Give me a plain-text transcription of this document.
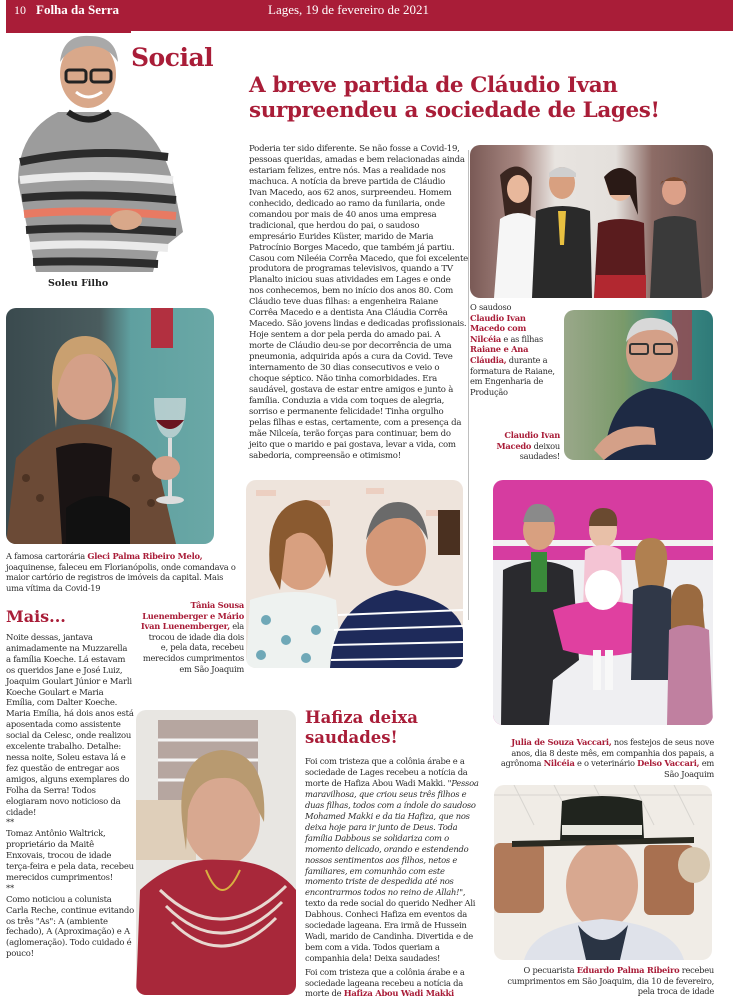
10 Folha da Serra	Lages, 19 de fevereiro de 2021
Soleu Filho
Social
A breve partida de Cláudio Ivan
surpreendeu a sociedade de Lages!
Poderia ter sido diferente. Se não fosse a Covid-19,
pessoas queridas, amadas e bem relacionadas ainda
estariam felizes, entre nós. Mas a realidade nos
machuca. A notícia da breve partida de Cláudio
Ivan Macedo, aos 62 anos, surpreendeu. Homem
conhecido, dedicado ao ramo da funilaria, onde
comandou por mais de 40 anos uma empresa
tradicional, que herdou do pai, o saudoso
empresário Eurides Küster, marido de Maria
Patrocínio Borges Macedo, que também já partiu.
Casou com Nileéia Corrêa Macedo, que foi excelente
produtora de programas televisivos, quando a TV
Planalto iniciou suas atividades em Lages e onde
nos conhecemos, bem no início dos anos 80. Com
Cláudio teve duas filhas: a engenheira Raiane
Corrêa Macedo e a dentista Ana Cláudia Corrêa
Macedo. São jovens lindas e dedicadas profissionais.
Hoje sentem a dor pela perda do amado pai. A
morte de Cláudio deu-se por decorrência de uma
pneumonia, adquirida após a cura da Covid. Teve
internamento de 30 dias consecutivos e veio o
choque séptico. Não tinha comorbidades. Era
saudável, gostava de estar entre amigos e junto à
família. Conduzia a vida com toques de alegria,
sorriso e permanente felicidade! Tinha orgulho
pelas filhas e estas, certamente, com a presença da
mãe Nilceía, terão forças para continuar, bem do
jeito que o marido e pai gostava, levar a vida, com
sabedoria, compreensão e otimismo!
O saudoso
Claudio Ivan Macedo com Nilcéia e as filhas Raiane e Ana Cláudia, durante a formatura de Raiane, em Engenharia de Produção
Claudio Ivan Macedo deixou saudades!
A famosa cartorária Gleci Palma Ribeiro Melo, joaquinense, faleceu em Florianópolis, onde comandava o maior cartório de registros de imóveis da capital. Mais uma vítima da Covid-19
Tânia Sousa Luenemberger e Mário Ivan Luenemberger, ela trocou de idade dia dois e, pela data, recebeu merecidos cumprimentos em São Joaquim
Julia de Souza Vaccari, nos festejos de seus nove anos, dia 8 deste mês, em companhia dos papais, a agrônoma Nilcéia e o veterinário Delso Vaccari, em São Joaquim
Mais...

Noite dessas, jantava animadamente na Muzzarella a família Koeche. Lá estavam os queridos Jane e José Luiz, Joaquim Goulart Júnior e Marli Koeche Goulart e Maria Emília, com Dalter Koeche. Maria Emília, há dois anos está aposentada como assistente social da Celesc, onde realizou excelente trabalho. Detalhe: nessa noite, Soleu estava lá e fez questão de entregar aos amigos, alguns exemplares do Folha da Serra! Todos elogiaram novo noticioso da cidade!

**

Tomaz Antônio Waltrick, proprietário da Maitê Enxovais, trocou de idade terça-feira e pela data, recebeu merecidos cumprimentos!

**

Como noticiou a colunista Carla Reche, continue evitando os três "As": A (ambiente fechado), A (Aproximação) e A (aglomeração). Todo cuidado é pouco!

Hafiza deixa
saudades!
Foi com tristeza que a colônia árabe e a sociedade de Lages recebeu a notícia da morte de Hafiza Abou Wadi Makki. "Pessoa maravilhosa, que criou seus três filhos e duas filhas, todos com a índole do saudoso Mohamed Makki e da tia Hafiza, que nos deixa hoje para ir junto de Deus. Toda família Dabbous se solidariza com o momento delicado, orando e estendendo nossos sentimentos aos filhos, netos e familiares, em comunhão com este momento triste de despedida até nos encontrarmos todos no reino de Allah!", texto da rede social do querido Nedher Ali Dabhous. Conheci Hafiza em eventos da sociedade lageana. Era irmã de Hussein Wadi, marido de Candinha. Divertida e de bem com a vida. Todos queriam a companhia dela! Deixa saudades!
Foi com tristeza que a colônia árabe e a sociedade lageana recebeu a notícia da morte de Hafiza Abou Wadi Makki
O pecuarista Eduardo Palma Ribeiro recebeu cumprimentos em São Joaquim, dia 10 de fevereiro, pela troca de idade
